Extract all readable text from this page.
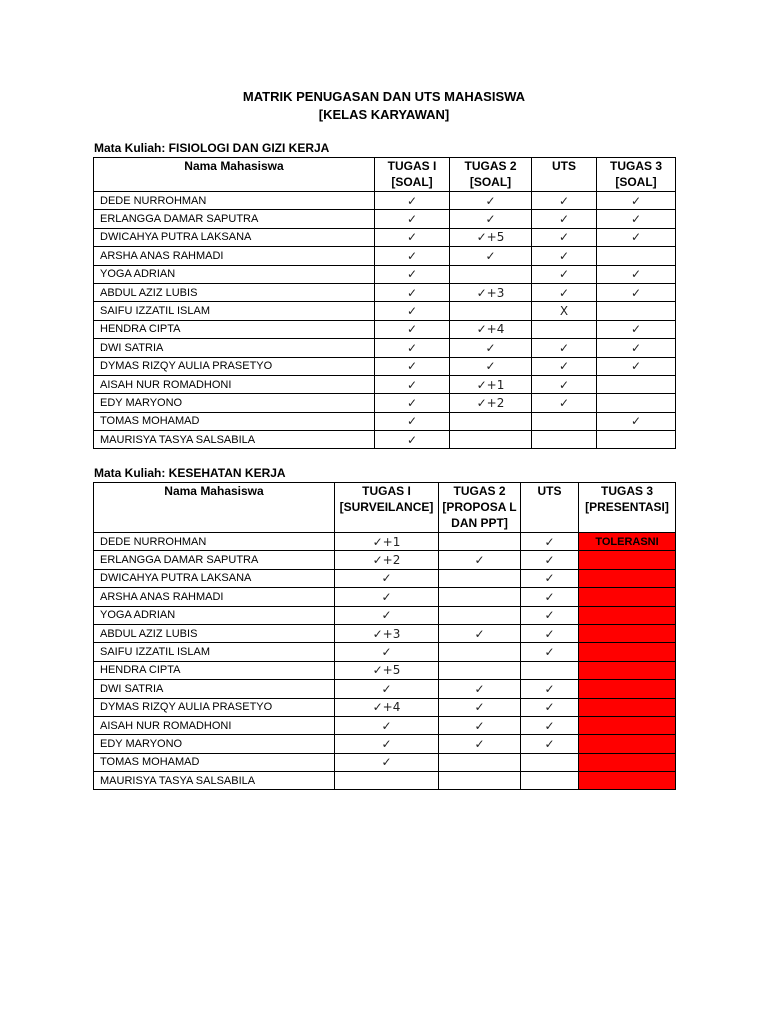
MATRIK PENUGASAN DAN UTS MAHASISWA
[KELAS KARYAWAN]
Mata Kuliah: FISIOLOGI DAN GIZI KERJA
Nama Mahasiswa	TUGAS I [SOAL]	TUGAS 2 [SOAL]	UTS	TUGAS 3 [SOAL]
DEDE NURROHMAN	✓	✓	✓	✓
ERLANGGA DAMAR SAPUTRA	✓	✓	✓	✓
DWICAHYA PUTRA LAKSANA	✓	✓+5	✓	✓
ARSHA ANAS RAHMADI	✓	✓	✓	
YOGA ADRIAN	✓		✓	✓
ABDUL AZIZ LUBIS	✓	✓+3	✓	✓
SAIFU IZZATIL ISLAM	✓		X	
HENDRA CIPTA	✓	✓+4		✓
DWI SATRIA	✓	✓	✓	✓
DYMAS RIZQY AULIA PRASETYO	✓	✓	✓	✓
AISAH NUR ROMADHONI	✓	✓+1	✓	
EDY MARYONO	✓	✓+2	✓	
TOMAS MOHAMAD	✓			✓
MAURISYA TASYA SALSABILA	✓			
Mata Kuliah: KESEHATAN KERJA
Nama Mahasiswa	TUGAS I [SURVEILANCE]	TUGAS 2 [PROPOSA L DAN PPT]	UTS	TUGAS 3 [PRESENTASI]
DEDE NURROHMAN	✓+1		✓	TOLERASNI
ERLANGGA DAMAR SAPUTRA	✓+2	✓	✓	
DWICAHYA PUTRA LAKSANA	✓		✓	
ARSHA ANAS RAHMADI	✓		✓	
YOGA ADRIAN	✓		✓	
ABDUL AZIZ LUBIS	✓+3	✓	✓	
SAIFU IZZATIL ISLAM	✓		✓	
HENDRA CIPTA	✓+5			
DWI SATRIA	✓	✓	✓	
DYMAS RIZQY AULIA PRASETYO	✓+4	✓	✓	
AISAH NUR ROMADHONI	✓	✓	✓	
EDY MARYONO	✓	✓	✓	
TOMAS MOHAMAD	✓			
MAURISYA TASYA SALSABILA				
